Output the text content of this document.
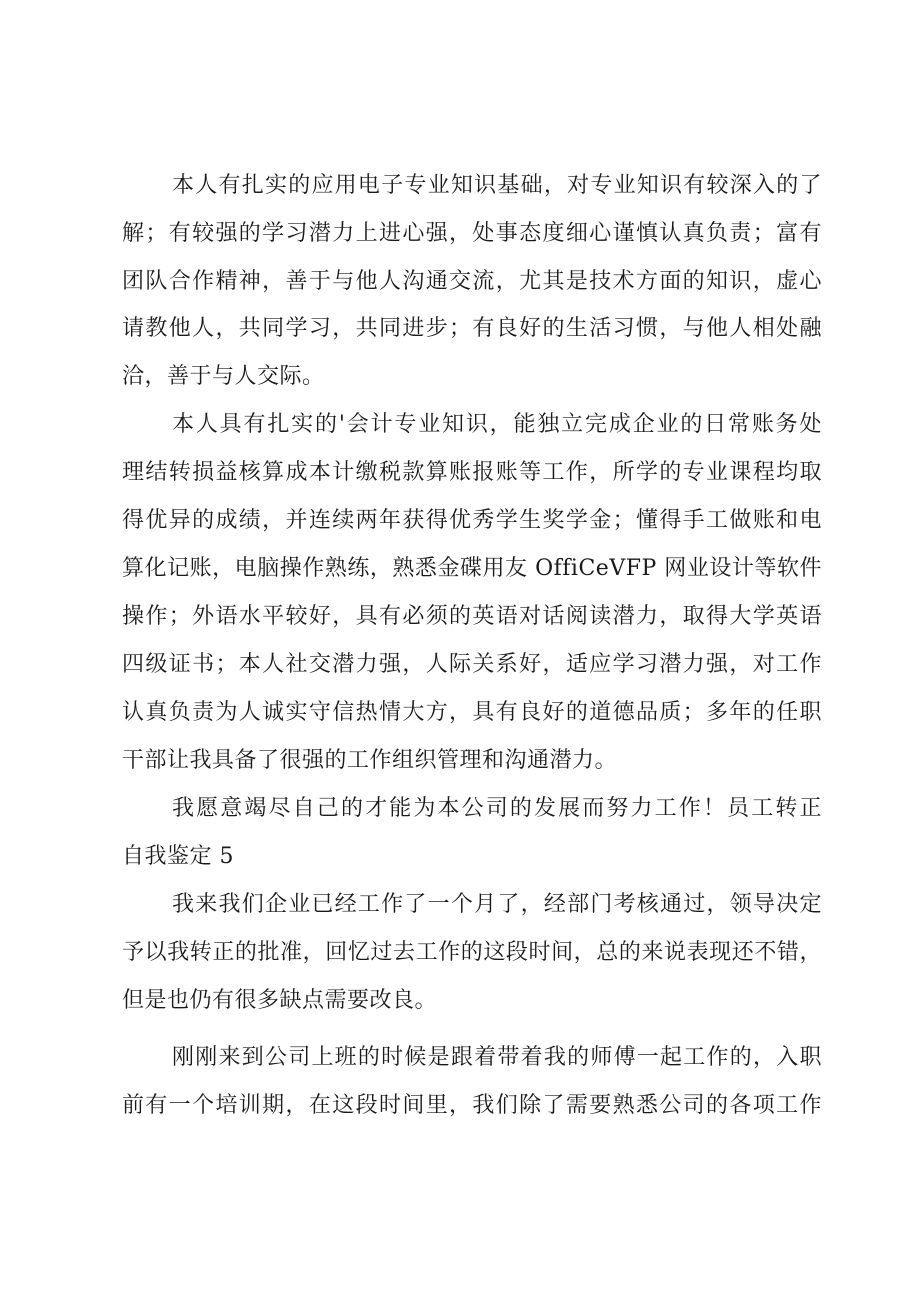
本人有扎实的应用电子专业知识基础，对专业知识有较深入的了
解；有较强的学习潜力上进心强，处事态度细心谨慎认真负责；富有
团队合作精神，善于与他人沟通交流，尤其是技术方面的知识，虚心
请教他人，共同学习，共同进步；有良好的生活习惯，与他人相处融
洽，善于与人交际。
本人具有扎实的'会计专业知识，能独立完成企业的日常账务处
理结转损益核算成本计缴税款算账报账等工作，所学的专业课程均取
得优异的成绩，并连续两年获得优秀学生奖学金；懂得手工做账和电
算化记账，电脑操作熟练，熟悉金碟用友 OffiCeVFP 网业设计等软件
操作；外语水平较好，具有必须的英语对话阅读潜力，取得大学英语
四级证书；本人社交潜力强，人际关系好，适应学习潜力强，对工作
认真负责为人诚实守信热情大方，具有良好的道德品质；多年的任职
干部让我具备了很强的工作组织管理和沟通潜力。
我愿意竭尽自己的才能为本公司的发展而努力工作！员工转正
自我鉴定 5
我来我们企业已经工作了一个月了，经部门考核通过，领导决定
予以我转正的批准，回忆过去工作的这段时间，总的来说表现还不错，
但是也仍有很多缺点需要改良。
刚刚来到公司上班的时候是跟着带着我的师傅一起工作的，入职
前有一个培训期，在这段时间里，我们除了需要熟悉公司的各项工作
